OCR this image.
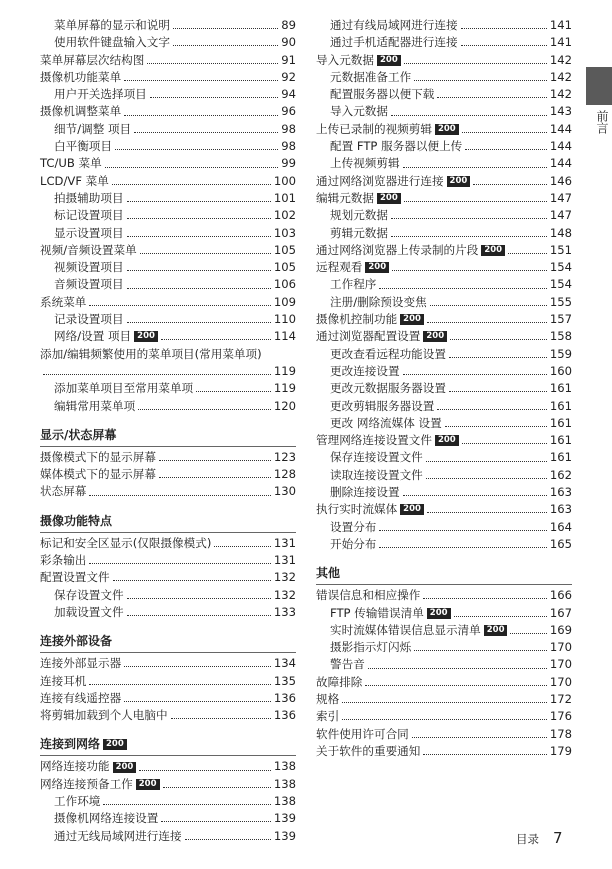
菜单屏幕的显示和说明	89
使用软件键盘输入文字	90
菜单屏幕层次结构图	91
摄像机功能菜单	92
用户开关选择项目	94
摄像机调整菜单	96
细节/调整 项目	98
白平衡项目	98
TC/UB 菜单	99
LCD/VF 菜单	100
拍摄辅助项目	101
标记设置项目	102
显示设置项目	103
视频/音频设置菜单	105
视频设置项目	105
音频设置项目	106
系统菜单	109
记录设置项目	110
网络/设置 项目 200	114
添加/编辑频繁使用的菜单项目(常用菜单项)
119
添加菜单项目至常用菜单项	119
编辑常用菜单项	120
显示/状态屏幕
摄像模式下的显示屏幕	123
媒体模式下的显示屏幕	128
状态屏幕	130
摄像功能特点
标记和安全区显示(仅限摄像模式)	131
彩条输出	131
配置设置文件	132
保存设置文件	132
加载设置文件	133
连接外部设备
连接外部显示器	134
连接耳机	135
连接有线遥控器	136
将剪辑加载到个人电脑中	136
连接到网络 200
网络连接功能 200	138
网络连接预备工作 200	138
工作环境	138
摄像机网络连接设置	139
通过无线局域网进行连接	139
通过有线局域网进行连接	141
通过手机适配器进行连接	141
导入元数据 200	142
元数据准备工作	142
配置服务器以便下载	142
导入元数据	143
上传已录制的视频剪辑 200	144
配置 FTP 服务器以便上传	144
上传视频剪辑	144
通过网络浏览器进行连接 200	146
编辑元数据 200	147
规划元数据	147
剪辑元数据	148
通过网络浏览器上传录制的片段 200	151
远程观看 200	154
工作程序	154
注册/删除预设变焦	155
摄像机控制功能 200	157
通过浏览器配置设置 200	158
更改查看远程功能设置	159
更改连接设置	160
更改元数据服务器设置	161
更改剪辑服务器设置	161
更改 网络流媒体 设置	161
管理网络连接设置文件 200	161
保存连接设置文件	161
读取连接设置文件	162
删除连接设置	163
执行实时流媒体 200	163
设置分布	164
开始分布	165
其他
错误信息和相应操作	166
FTP 传输错误清单 200	167
实时流媒体错误信息显示清单 200	169
摄影指示灯闪烁	170
警告音	170
故障排除	170
规格	172
索引	176
软件使用许可合同	178
关于软件的重要通知	179
前言
目录 7
